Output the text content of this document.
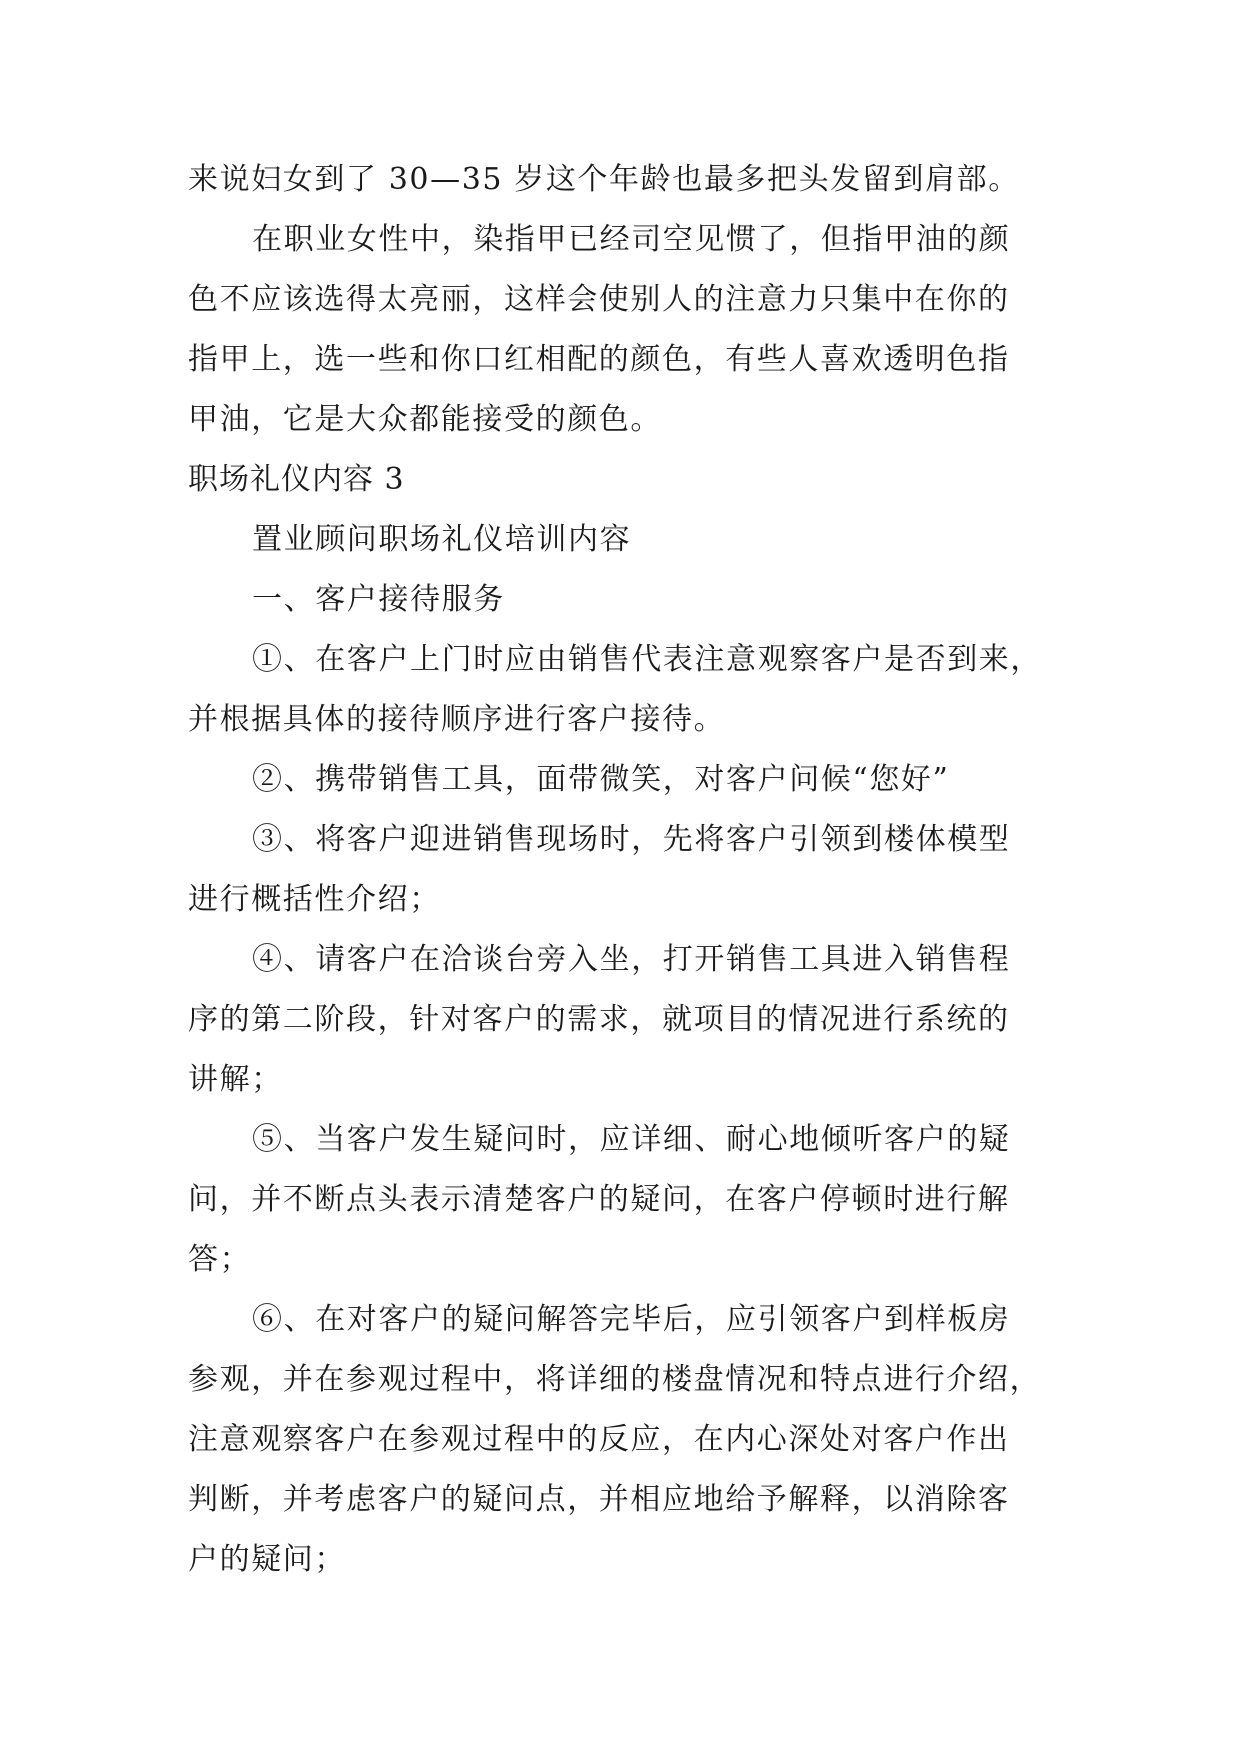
来说妇女到了 30—35 岁这个年龄也最多把头发留到肩部。

在职业女性中，染指甲已经司空见惯了，但指甲油的颜

色不应该选得太亮丽，这样会使别人的注意力只集中在你的

指甲上，选一些和你口红相配的颜色，有些人喜欢透明色指

甲油，它是大众都能接受的颜色。

职场礼仪内容 3

置业顾问职场礼仪培训内容

一、客户接待服务

①、在客户上门时应由销售代表注意观察客户是否到来，

并根据具体的接待顺序进行客户接待。

②、携带销售工具，面带微笑，对客户问候“您好”

③、将客户迎进销售现场时，先将客户引领到楼体模型

进行概括性介绍；

④、请客户在洽谈台旁入坐，打开销售工具进入销售程

序的第二阶段，针对客户的需求，就项目的情况进行系统的

讲解；

⑤、当客户发生疑问时，应详细、耐心地倾听客户的疑

问，并不断点头表示清楚客户的疑问，在客户停顿时进行解

答；

⑥、在对客户的疑问解答完毕后，应引领客户到样板房

参观，并在参观过程中，将详细的楼盘情况和特点进行介绍，

注意观察客户在参观过程中的反应，在内心深处对客户作出

判断，并考虑客户的疑问点，并相应地给予解释，以消除客

户的疑问；
